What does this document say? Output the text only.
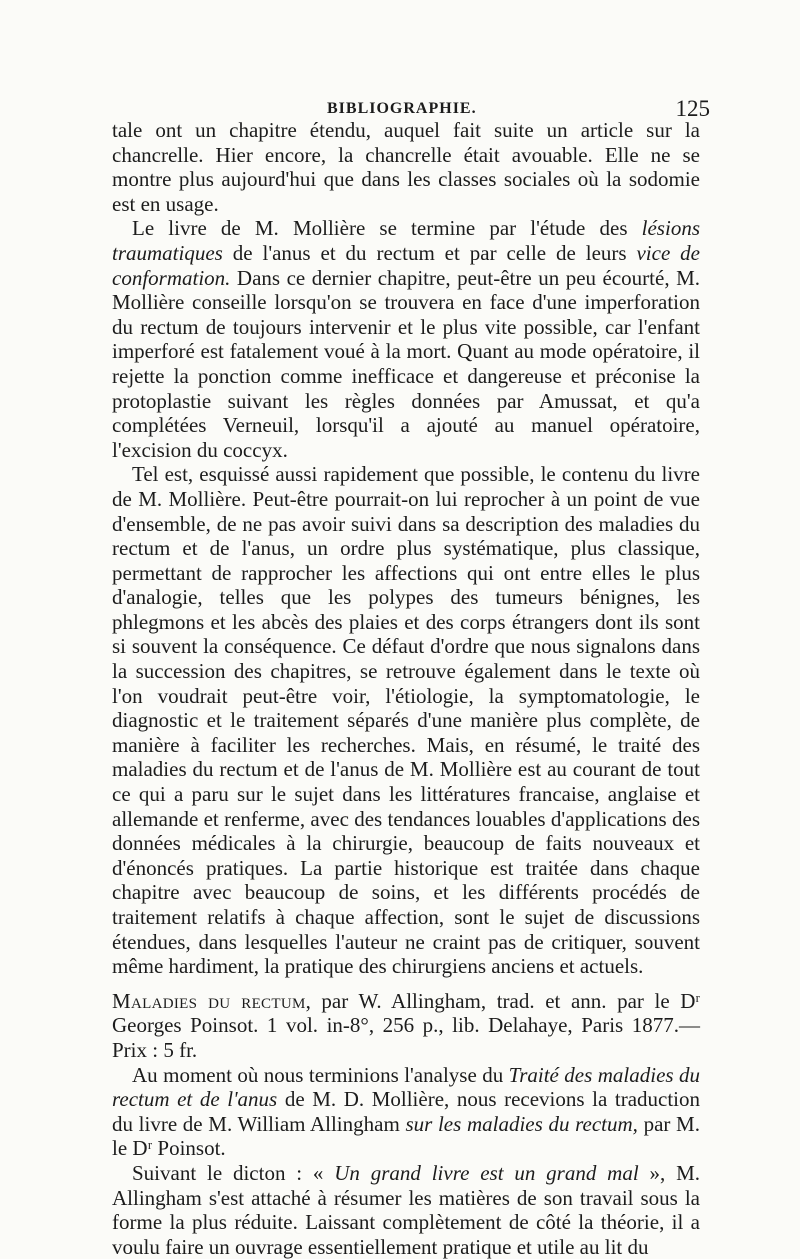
BIBLIOGRAPHIE.	125

tale ont un chapitre étendu, auquel fait suite un article sur la chancrelle. Hier encore, la chancrelle était avouable. Elle ne se montre plus aujourd'hui que dans les classes sociales où la sodomie est en usage.

Le livre de M. Mollière se termine par l'étude des lésions traumatiques de l'anus et du rectum et par celle de leurs vice de conformation. Dans ce dernier chapitre, peut-être un peu écourté, M. Mollière conseille lorsqu'on se trouvera en face d'une imperforation du rectum de toujours intervenir et le plus vite possible, car l'enfant imperforé est fatalement voué à la mort. Quant au mode opératoire, il rejette la ponction comme inefficace et dangereuse et préconise la protoplastie suivant les règles données par Amussat, et qu'a complétées Verneuil, lorsqu'il a ajouté au manuel opératoire, l'excision du coccyx.

Tel est, esquissé aussi rapidement que possible, le contenu du livre de M. Mollière. Peut-être pourrait-on lui reprocher à un point de vue d'ensemble, de ne pas avoir suivi dans sa description des maladies du rectum et de l'anus, un ordre plus systématique, plus classique, permettant de rapprocher les affections qui ont entre elles le plus d'analogie, telles que les polypes des tumeurs bénignes, les phlegmons et les abcès des plaies et des corps étrangers dont ils sont si souvent la conséquence. Ce défaut d'ordre que nous signalons dans la succession des chapitres, se retrouve également dans le texte où l'on voudrait peut-être voir, l'étiologie, la symptomatologie, le diagnostic et le traitement séparés d'une manière plus complète, de manière à faciliter les recherches. Mais, en résumé, le traité des maladies du rectum et de l'anus de M. Mollière est au courant de tout ce qui a paru sur le sujet dans les littératures francaise, anglaise et allemande et renferme, avec des tendances louables d'applications des données médicales à la chirurgie, beaucoup de faits nouveaux et d'énoncés pratiques. La partie historique est traitée dans chaque chapitre avec beaucoup de soins, et les différents procédés de traitement relatifs à chaque affection, sont le sujet de discussions étendues, dans lesquelles l'auteur ne craint pas de critiquer, souvent même hardiment, la pratique des chirurgiens anciens et actuels.

Maladies du rectum, par W. Allingham, trad. et ann. par le Dʳ Georges Poinsot. 1 vol. in-8°, 256 p., lib. Delahaye, Paris 1877.— Prix : 5 fr.

Au moment où nous terminions l'analyse du Traité des maladies du rectum et de l'anus de M. D. Mollière, nous recevions la traduction du livre de M. William Allingham sur les maladies du rectum, par M. le Dʳ Poinsot.

Suivant le dicton : « Un grand livre est un grand mal », M. Allingham s'est attaché à résumer les matières de son travail sous la forme la plus réduite. Laissant complètement de côté la théorie, il a voulu faire un ouvrage essentiellement pratique et utile au lit du
